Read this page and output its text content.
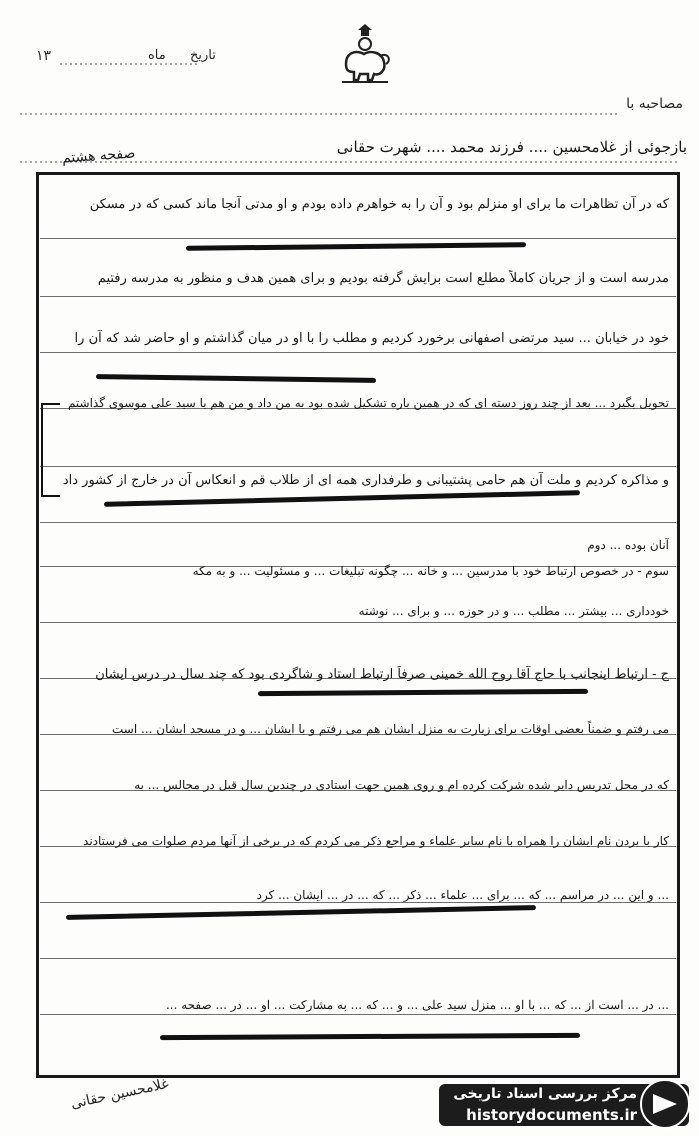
تاریخ
ماه
۱۳
مصاحبه با
بازجوئی از غلامحسین .... فرزند محمد .... شهرت حقانی
صفحه هشتم
که در آن تظاهرات ما برای او منزلم بود و آن را به خواهرم داده بودم و او مدتی آنجا ماند کسی که در مسکن
مدرسه است و از جریان کاملاً مطلع است برایش گرفته بودیم و برای همین هدف و منظور به مدرسه رفتیم
خود در خیابان ... سید مرتضی اصفهانی برخورد کردیم و مطلب را با او در میان گذاشتم و او حاضر شد که آن را
تحویل بگیرد ... بعد از چند روز دسته ای که در همین باره تشکیل شده بود به من داد و من هم با سید علی موسوی گذاشتم
و مذاکره کردیم و ملت آن هم حامی پشتیبانی و طرفداری همه ای از طلاب قم و انعکاس آن در خارج از کشور داد
آنان بوده ... دوم
سوم - در خصوص ارتباط خود با مدرسین ... و خانه ... چگونه تبلیغات ... و مسئولیت ... و به مکه
خودداری ... بیشتر ... مطلب ... و در حوزه ... و برای ... نوشته
ج - ارتباط اینجانب با حاج آقا روح الله خمینی صرفاً ارتباط استاد و شاگردی بود که چند سال در درس ایشان
می رفتم و ضمناً بعضی اوقات برای زیارت به منزل ایشان هم می رفتم و با ایشان ... و در مسجد ایشان ... است
که در محل تدریس دایر شده شرکت کرده ام و روی همین جهت استادی در چندین سال قبل در مجالس ... به
کار با بردن نام ایشان را همراه با نام سایر علماء و مراجع ذکر می کردم که در برخی از آنها مردم صلوات می فرستادند
... و این ... در مراسم ... که ... برای ... علماء ... ذکر ... که ... در ... ایشان ... کرد
... در ... است از ... که ... با او ... منزل سید علی ... و ... که ... به مشارکت ... او ... در ... صفحه ...
غلامحسین حقانی	مرکز بررسی اسناد تاریخی
historydocuments.ir
